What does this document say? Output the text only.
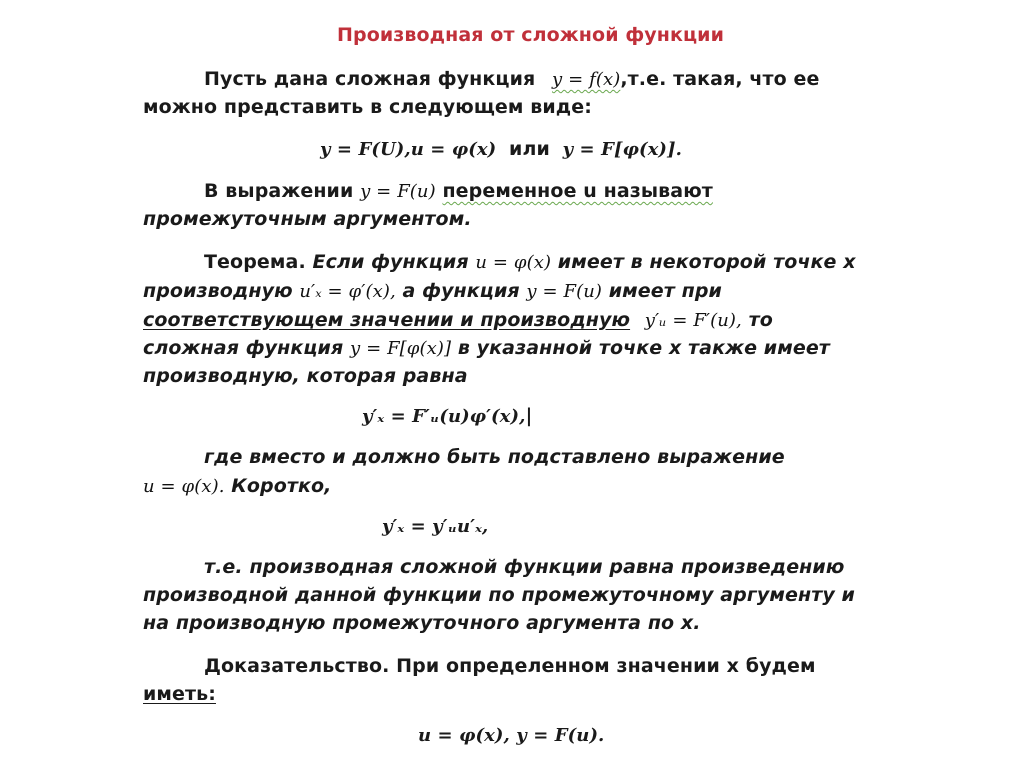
Производная от сложной функции
Пусть дана сложная функция y = f(x),т.е. такая, что ее
можно представить в следующем виде:
y = F(U),u = φ(x) или y = F[φ(x)].
В выражении y = F(u) переменное u называют
промежуточным аргументом.
Теорема. Если функция u = φ(x) имеет в некоторой точке x
производную u′ₓ = φ′(x), а функция y = F(u) имеет при
соответствующем значении и производную y′ᵤ = F′(u), то
сложная функция y = F[φ(x)] в указанной точке x также имеет
производную, которая равна
y′ₓ = F′ᵤ(u)φ′(x),|
где вместо и должно быть подставлено выражение
u = φ(x). Коротко,
y′ₓ = y′ᵤu′ₓ,
т.е. производная сложной функции равна произведению
производной данной функции по промежуточному аргументу и
на производную промежуточного аргумента по x.
Доказательство. При определенном значении x будем
иметь:
u = φ(x), y = F(u).
